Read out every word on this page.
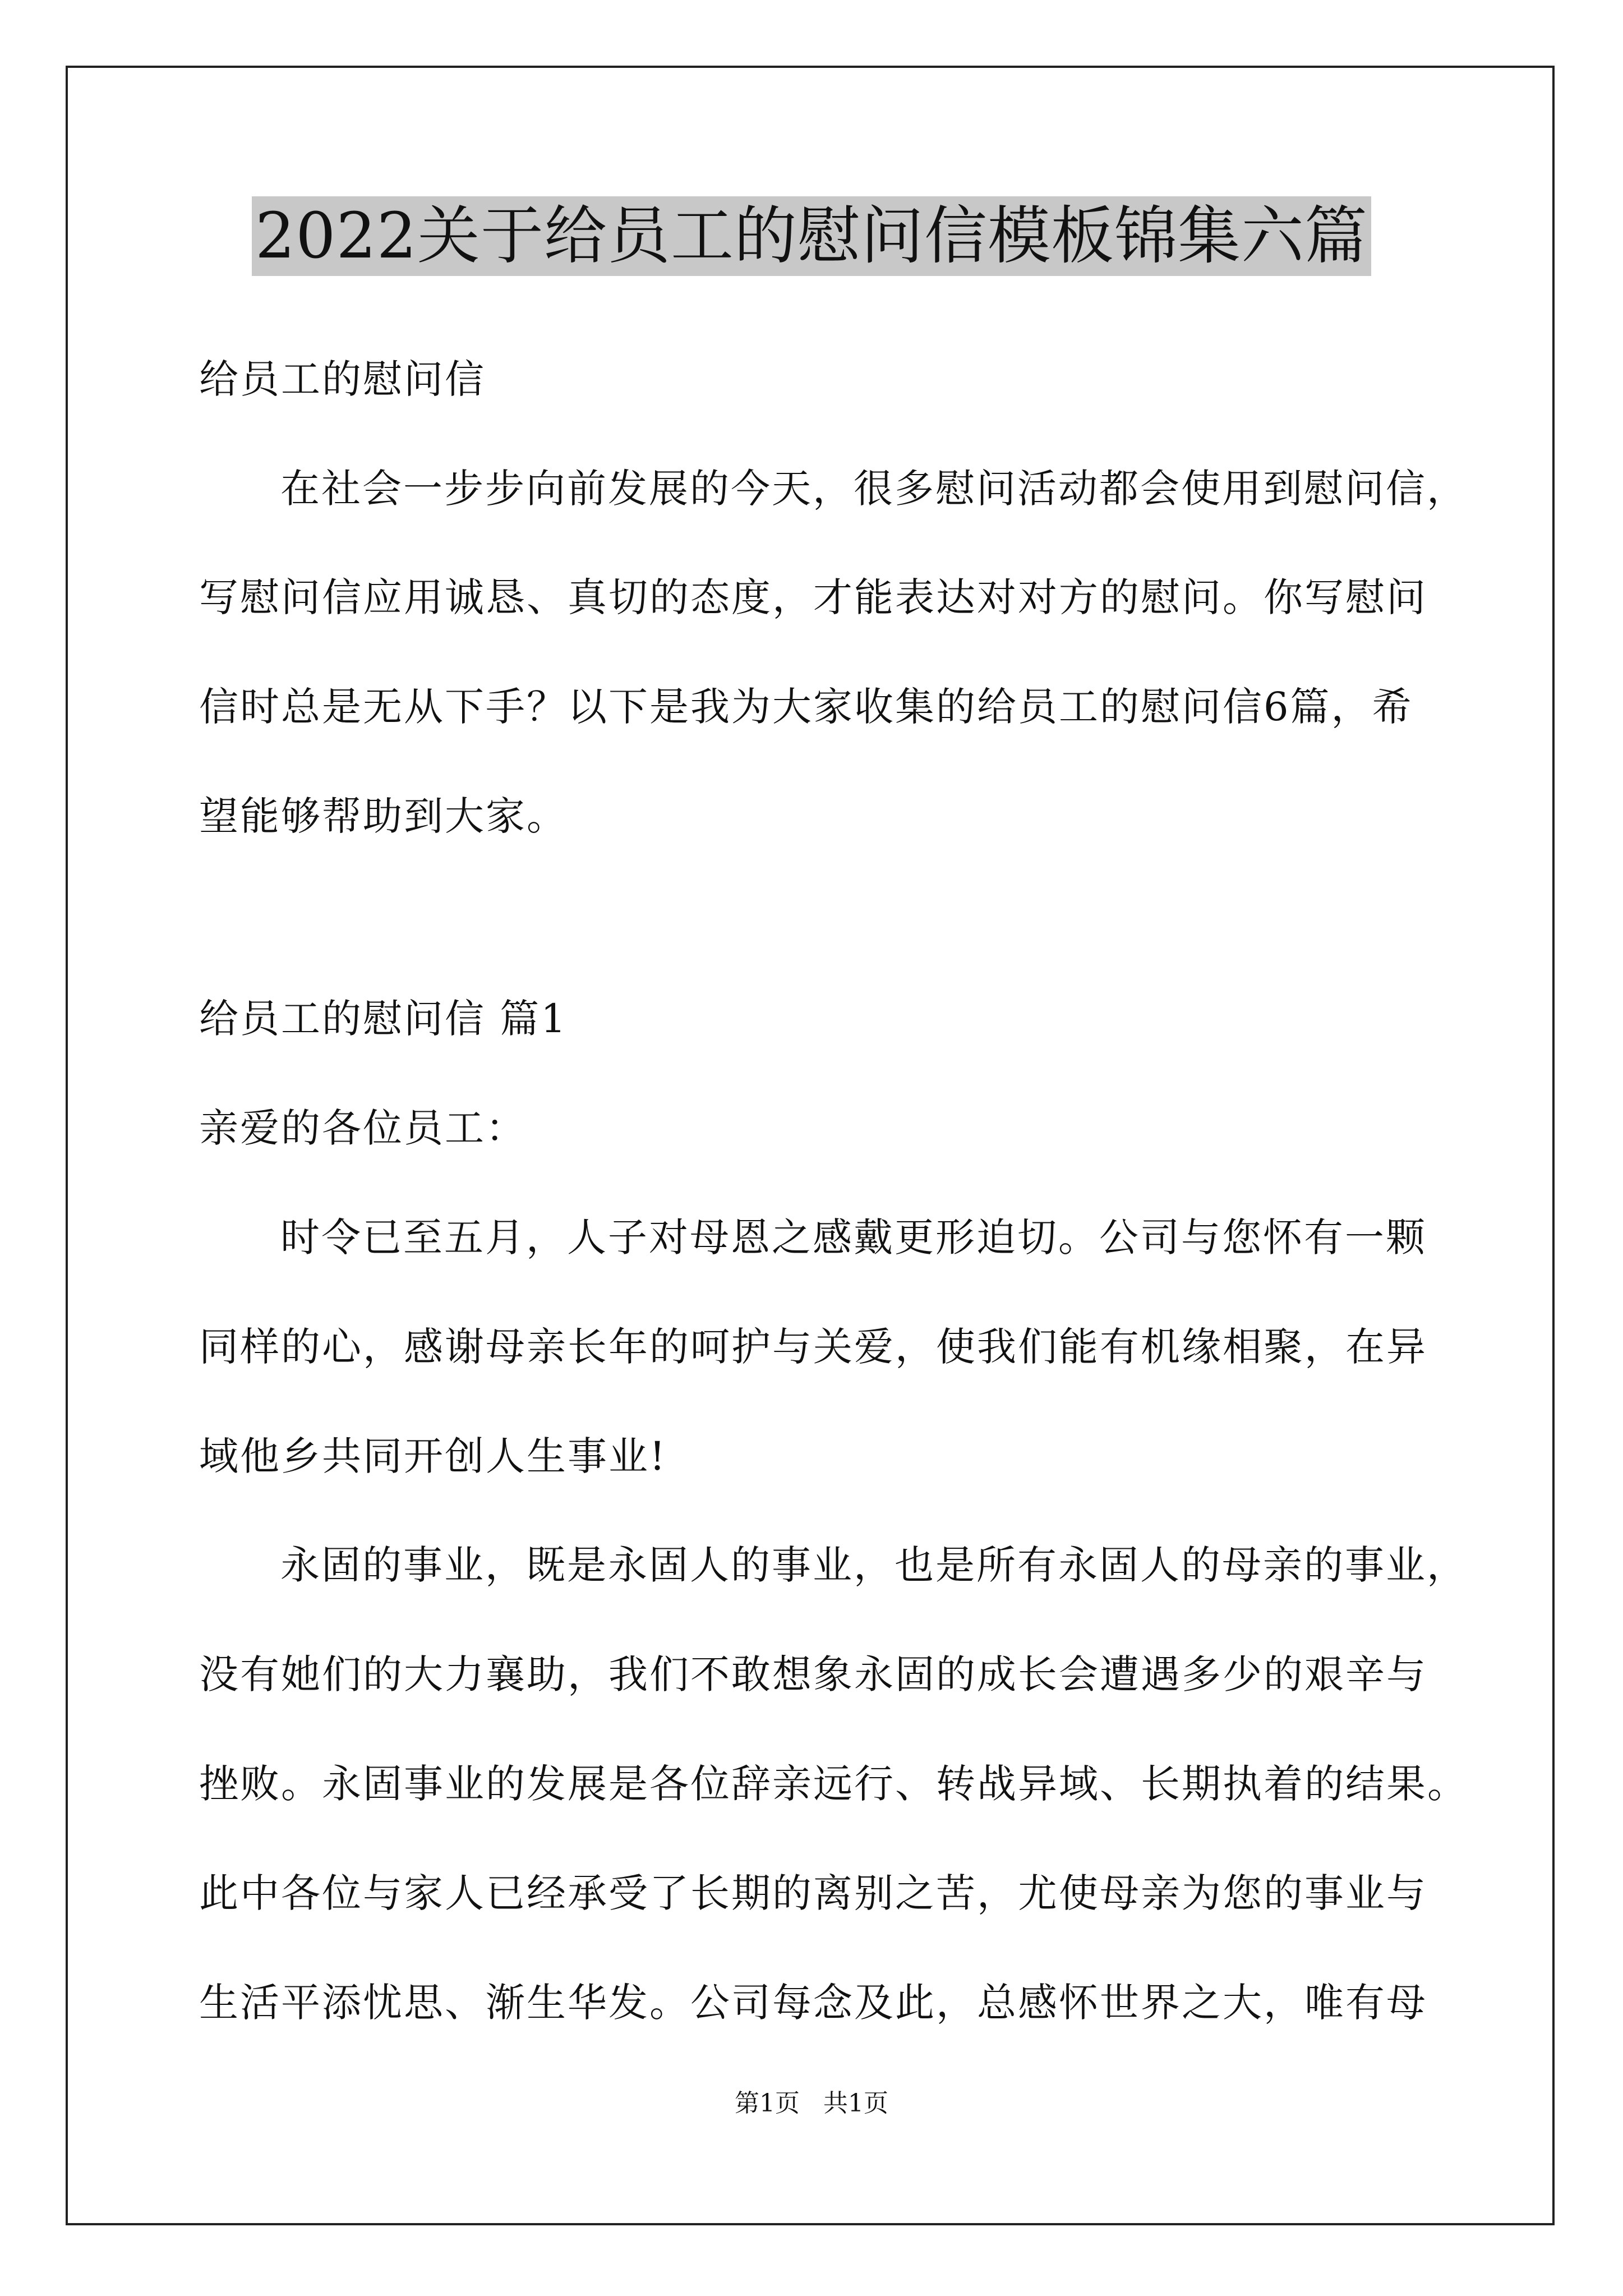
2022关于给员工的慰问信模板锦集六篇
给员工的慰问信
在社会一步步向前发展的今天，很多慰问活动都会使用到慰问信，
写慰问信应用诚恳、真切的态度，才能表达对对方的慰问。你写慰问
信时总是无从下手？以下是我为大家收集的给员工的慰问信6篇，希
望能够帮助到大家。
给员工的慰问信 篇1
亲爱的各位员工：
时令已至五月，人子对母恩之感戴更形迫切。公司与您怀有一颗
同样的心，感谢母亲长年的呵护与关爱，使我们能有机缘相聚，在异
域他乡共同开创人生事业!
永固的事业，既是永固人的事业，也是所有永固人的母亲的事业，
没有她们的大力襄助，我们不敢想象永固的成长会遭遇多少的艰辛与
挫败。永固事业的发展是各位辞亲远行、转战异域、长期执着的结果。
此中各位与家人已经承受了长期的离别之苦，尤使母亲为您的事业与
生活平添忧思、渐生华发。公司每念及此，总感怀世界之大，唯有母
第1页   共1页
